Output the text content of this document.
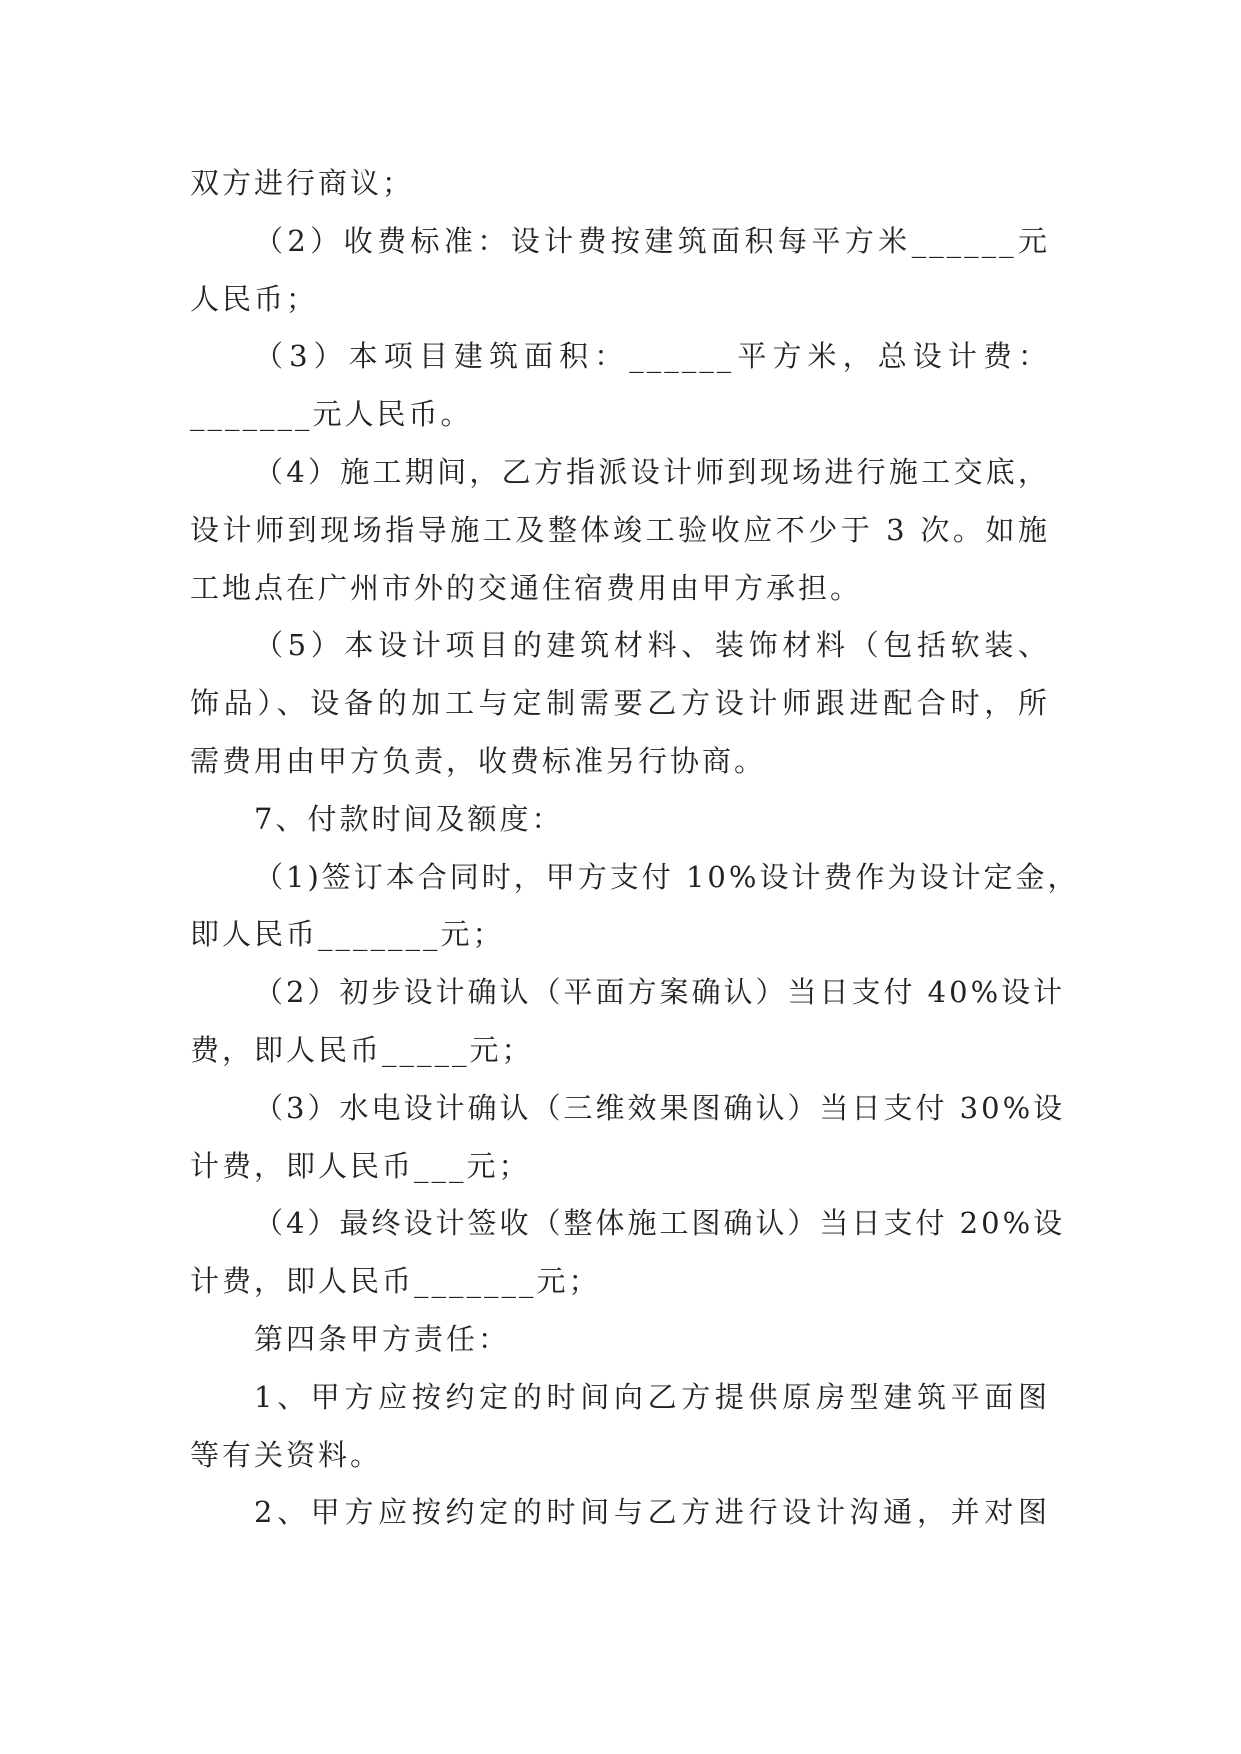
双方进行商议；
（2）收费标准：设计费按建筑面积每平方米______元
人民币；
（3）本项目建筑面积：______平方米，总设计费：
_______元人民币。
（4）施工期间，乙方指派设计师到现场进行施工交底，
设计师到现场指导施工及整体竣工验收应不少于 3 次。如施
工地点在广州市外的交通住宿费用由甲方承担。
（5）本设计项目的建筑材料、装饰材料（包括软装、
饰品）、设备的加工与定制需要乙方设计师跟进配合时，所
需费用由甲方负责，收费标准另行协商。
7、付款时间及额度：
（1)签订本合同时，甲方支付 10%设计费作为设计定金，
即人民币_______元；
（2）初步设计确认（平面方案确认）当日支付 40%设计
费，即人民币_____元；
（3）水电设计确认（三维效果图确认）当日支付 30%设
计费，即人民币___元；
（4）最终设计签收（整体施工图确认）当日支付 20%设
计费，即人民币_______元；
第四条甲方责任：
1、甲方应按约定的时间向乙方提供原房型建筑平面图
等有关资料。
2、甲方应按约定的时间与乙方进行设计沟通，并对图
